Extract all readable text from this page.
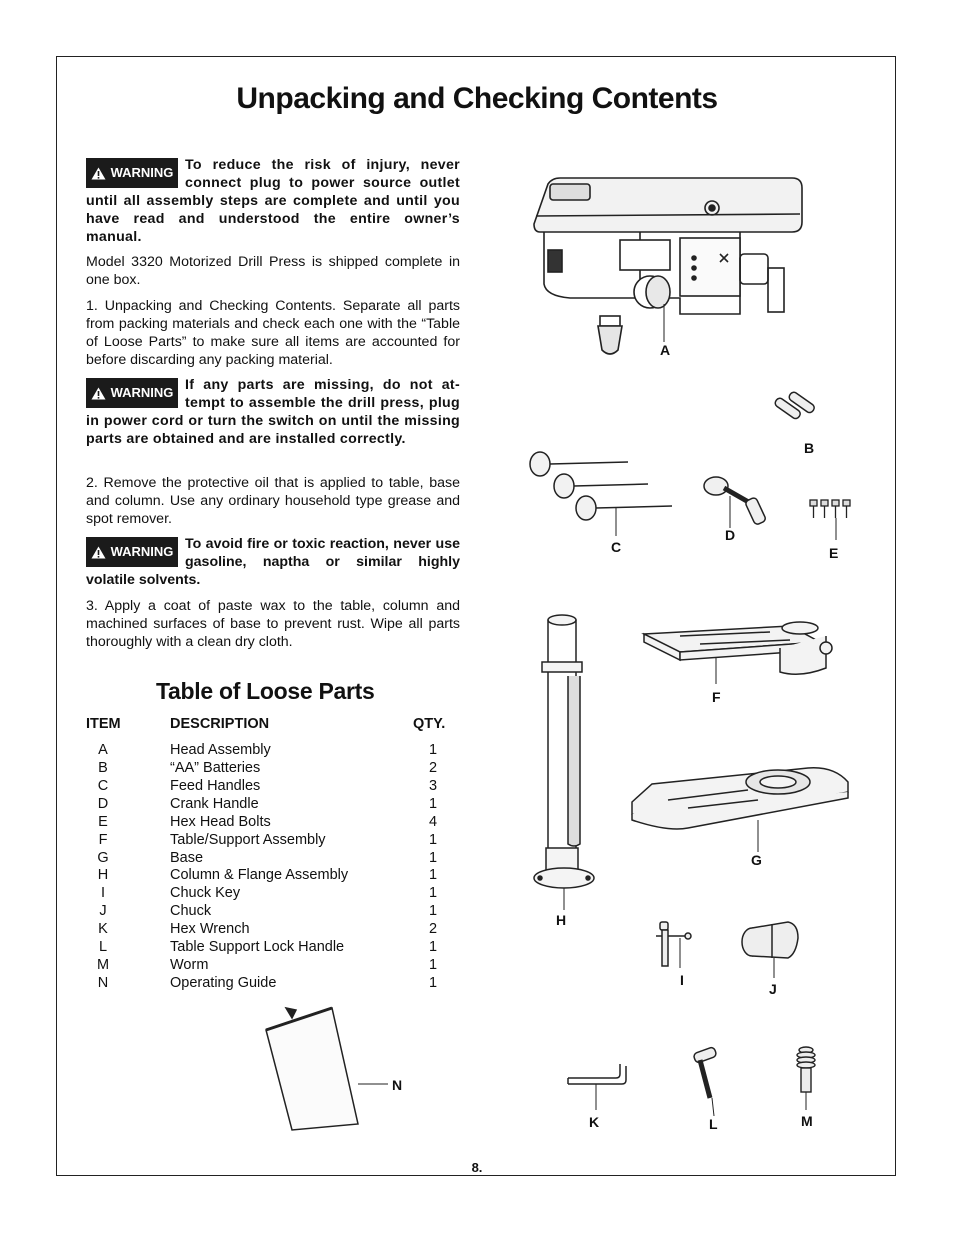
Unpacking and Checking Contents
WARNING To reduce the risk of injury, never connect plug to power source outlet until all assembly steps are complete and until you have read and understood the entire owner’s manual.

Model 3320 Motorized Drill Press is shipped complete in one box.

1. Unpacking and Checking Contents. Separate all parts from packing materials and check each one with the “Table of Loose Parts” to make sure all items are accounted for before discarding any packing material.

WARNING If any parts are missing, do not at-tempt to assemble the drill press, plug in power cord or turn the switch on until the missing parts are obtained and are installed correctly.

2. Remove the protective oil that is applied to table, base and column. Use any ordinary household type grease and spot remover.

WARNING To avoid fire or toxic reaction, never use gasoline, naptha or similar highly volatile solvents.

3. Apply a coat of paste wax to the table, column and machined surfaces of base to prevent rust. Wipe all parts thoroughly with a clean dry cloth.

Table of Loose Parts
ITEM	DESCRIPTION	QTY.
A	Head Assembly	1
B	“AA” Batteries	2
C	Feed Handles	3
D	Crank Handle	1
E	Hex Head Bolts	4
F	Table/Support Assembly	1
G	Base	1
H	Column & Flange Assembly	1
I	Chuck Key	1
J	Chuck	1
K	Hex Wrench	2
L	Table Support Lock Handle	1
M	Worm	1
N	Operating Guide	1
A
B
C
D
E
F
G
H
I
J
K	L	M
N
8.
